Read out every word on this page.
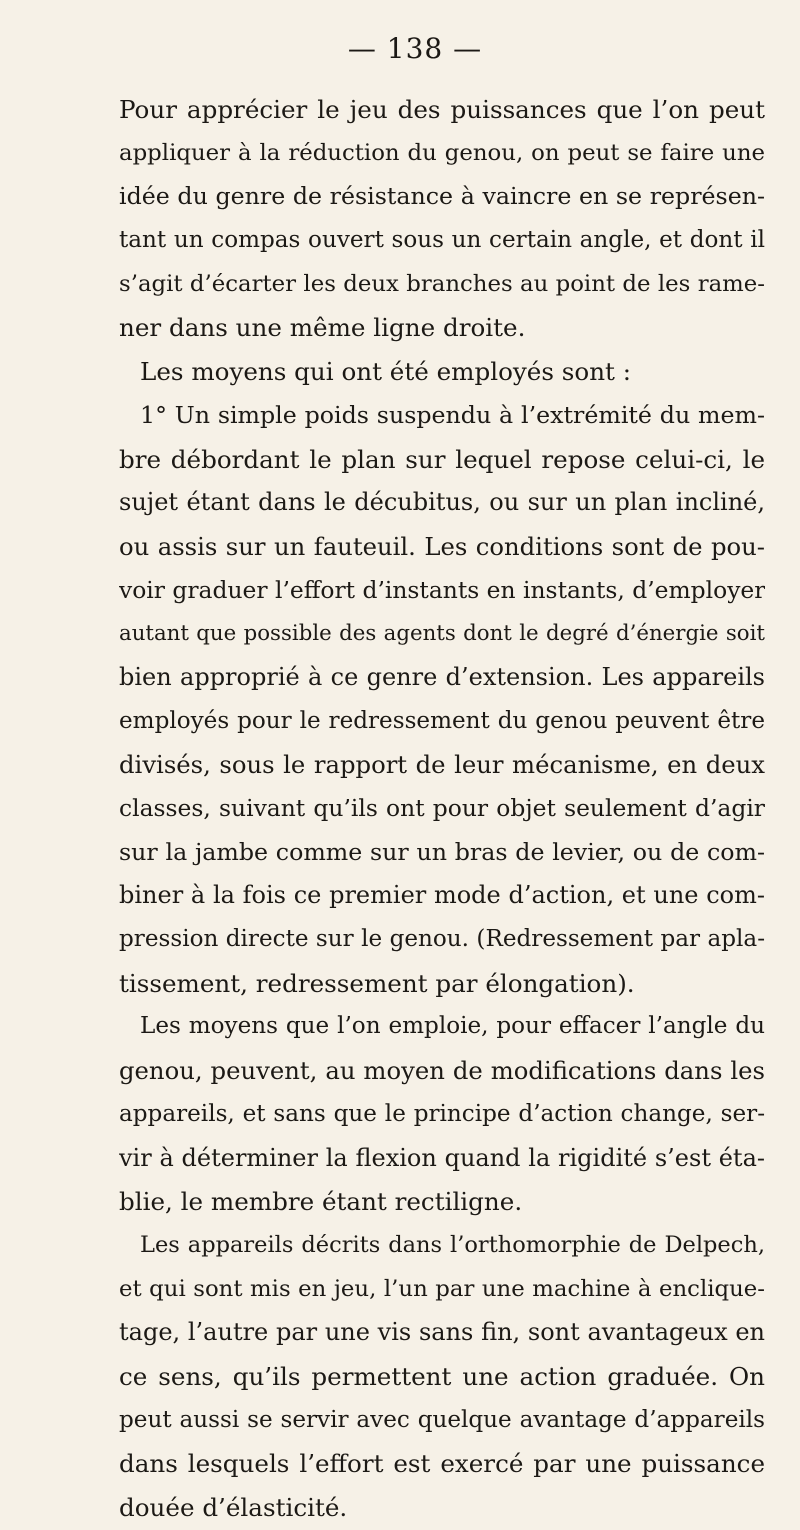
— 138 —
Pour apprécier le jeu des puissances que l’on peut
appliquer à la réduction du genou, on peut se faire une
idée du genre de résistance à vaincre en se représen-
tant un compas ouvert sous un certain angle, et dont il
s’agit d’écarter les deux branches au point de les rame-
ner dans une même ligne droite.
Les moyens qui ont été employés sont :
1° Un simple poids suspendu à l’extrémité du mem-
bre débordant le plan sur lequel repose celui-ci, le
sujet étant dans le décubitus, ou sur un plan incliné,
ou assis sur un fauteuil. Les conditions sont de pou-
voir graduer l’effort d’instants en instants, d’employer
autant que possible des agents dont le degré d’énergie soit
bien approprié à ce genre d’extension. Les appareils
employés pour le redressement du genou peuvent être
divisés, sous le rapport de leur mécanisme, en deux
classes, suivant qu’ils ont pour objet seulement d’agir
sur la jambe comme sur un bras de levier, ou de com-
biner à la fois ce premier mode d’action, et une com-
pression directe sur le genou. (Redressement par apla-
tissement, redressement par élongation).
Les moyens que l’on emploie, pour effacer l’angle du
genou, peuvent, au moyen de modifications dans les
appareils, et sans que le principe d’action change, ser-
vir à déterminer la flexion quand la rigidité s’est éta-
blie, le membre étant rectiligne.
Les appareils décrits dans l’orthomorphie de Delpech,
et qui sont mis en jeu, l’un par une machine à enclique-
tage, l’autre par une vis sans fin, sont avantageux en
ce sens, qu’ils permettent une action graduée. On
peut aussi se servir avec quelque avantage d’appareils
dans lesquels l’effort est exercé par une puissance
douée d’élasticité.
